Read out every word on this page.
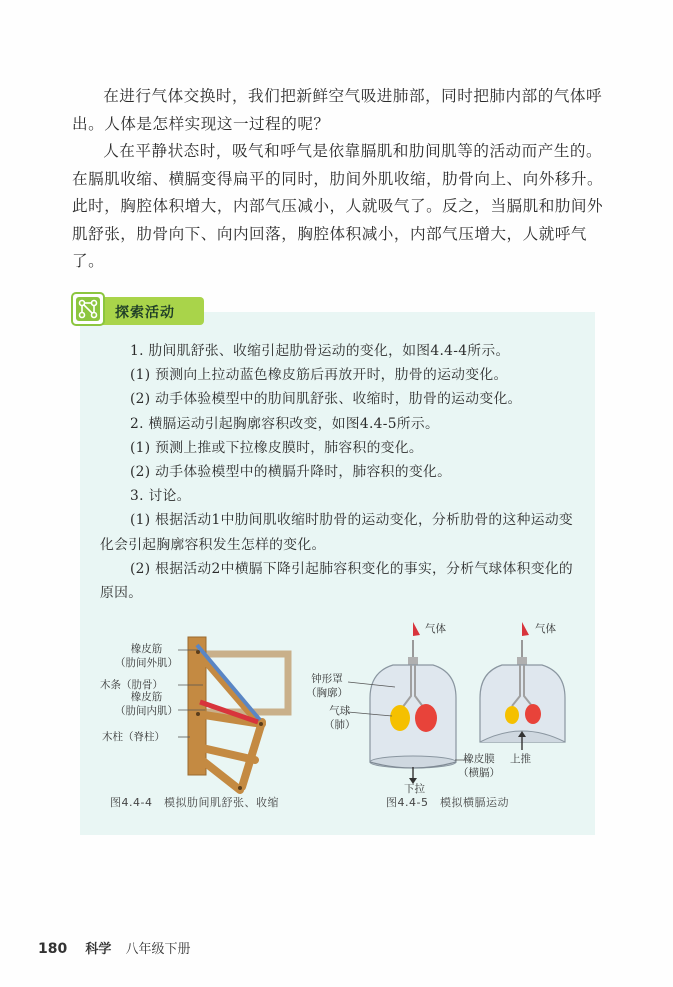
在进行气体交换时，我们把新鲜空气吸进肺部，同时把肺内部的气体呼出。人体是怎样实现这一过程的呢？

人在平静状态时，吸气和呼气是依靠膈肌和肋间肌等的活动而产生的。在膈肌收缩、横膈变得扁平的同时，肋间外肌收缩，肋骨向上、向外移升。此时，胸腔体积增大，内部气压减小，人就吸气了。反之，当膈肌和肋间外肌舒张，肋骨向下、向内回落，胸腔体积减小，内部气压增大，人就呼气了。

探索活动

1. 肋间肌舒张、收缩引起肋骨运动的变化，如图4.4-4所示。

(1) 预测向上拉动蓝色橡皮筋后再放开时，肋骨的运动变化。

(2) 动手体验模型中的肋间肌舒张、收缩时，肋骨的运动变化。

2. 横膈运动引起胸廓容积改变，如图4.4-5所示。

(1) 预测上推或下拉橡皮膜时，肺容积的变化。

(2) 动手体验模型中的横膈升降时，肺容积的变化。

3. 讨论。

(1) 根据活动1中肋间肌收缩时肋骨的运动变化，分析肋骨的这种运动变化会引起胸廓容积发生怎样的变化。

(2) 根据活动2中横膈下降引起肺容积变化的事实，分析气球体积变化的原因。

橡皮筋
（肋间外肌）
木条（肋骨）
橡皮筋
（肋间内肌）
木柱（脊柱）
图4.4-4　模拟肋间肌舒张、收缩
气体	气体
钟形罩
（胸廓）
气球
（肺）
橡皮膜
（横膈）
下拉
上推
图4.4-5　模拟横膈运动
180 科学 八年级下册
